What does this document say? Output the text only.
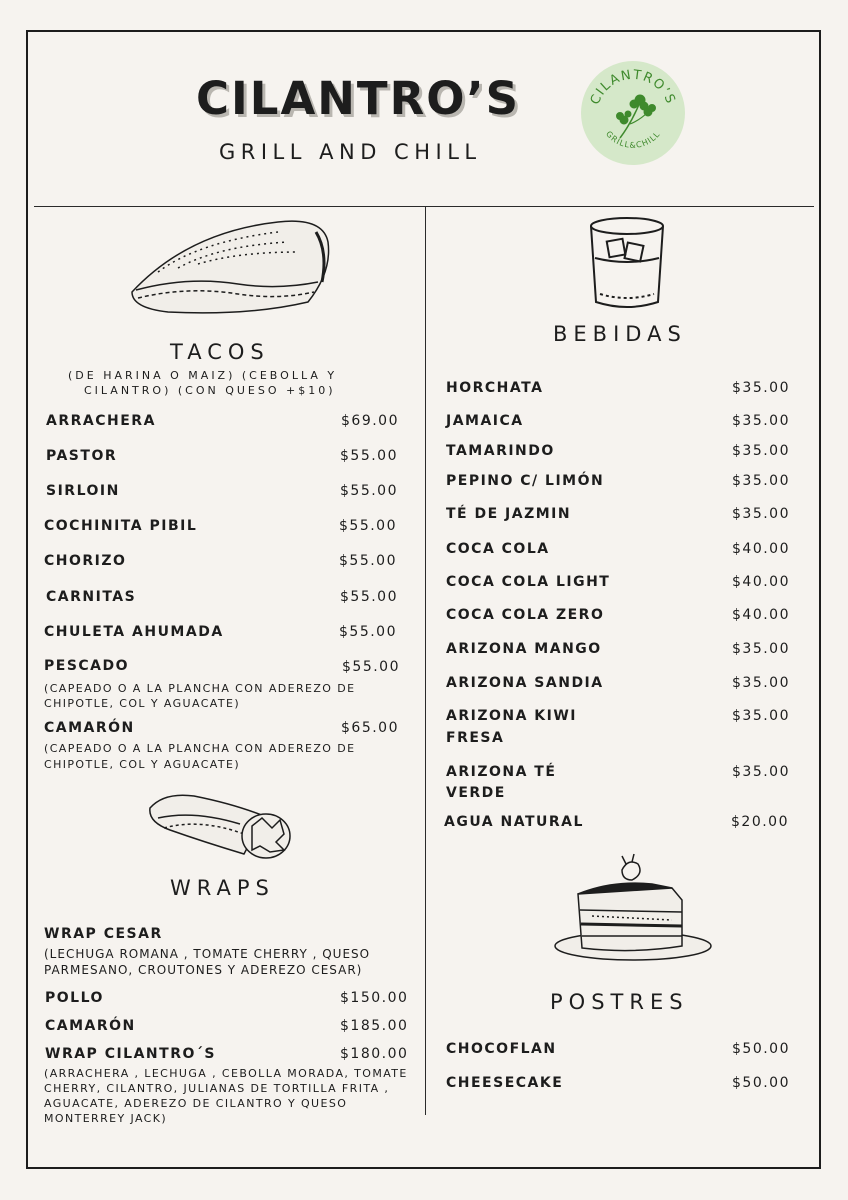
CILANTRO’S
GRILL AND CHILL
CILANTRO’S
GRILL&CHILL
TACOS
(DE HARINA O MAIZ) (CEBOLLA Y
CILANTRO) (CON QUESO +$10)
ARRACHERA	$69.00
PASTOR	$55.00
SIRLOIN	$55.00
COCHINITA PIBIL	$55.00
CHORIZO	$55.00
CARNITAS	$55.00
CHULETA AHUMADA	$55.00
PESCADO	$55.00
(CAPEADO O A LA PLANCHA CON ADEREZO DE
CHIPOTLE, COL Y AGUACATE)
CAMARÓN	$65.00
(CAPEADO O A LA PLANCHA CON ADEREZO DE
CHIPOTLE, COL Y AGUACATE)
WRAPS
WRAP CESAR
(LECHUGA ROMANA , TOMATE CHERRY , QUESO
PARMESANO, CROUTONES Y ADEREZO CESAR)
POLLO	$150.00
CAMARÓN	$185.00
WRAP CILANTRO´S	$180.00
(ARRACHERA , LECHUGA , CEBOLLA MORADA, TOMATE
CHERRY, CILANTRO, JULIANAS DE TORTILLA FRITA ,
AGUACATE, ADEREZO DE CILANTRO Y QUESO
MONTERREY JACK)
BEBIDAS
HORCHATA	$35.00
JAMAICA	$35.00
TAMARINDO	$35.00
PEPINO C/ LIMÓN	$35.00
TÉ DE JAZMIN	$35.00
COCA COLA	$40.00
COCA COLA LIGHT	$40.00
COCA COLA ZERO	$40.00
ARIZONA MANGO	$35.00
ARIZONA SANDIA	$35.00
ARIZONA KIWI
FRESA
$35.00
ARIZONA TÉ
VERDE
$35.00
AGUA NATURAL	$20.00
POSTRES
CHOCOFLAN	$50.00
CHEESECAKE	$50.00
